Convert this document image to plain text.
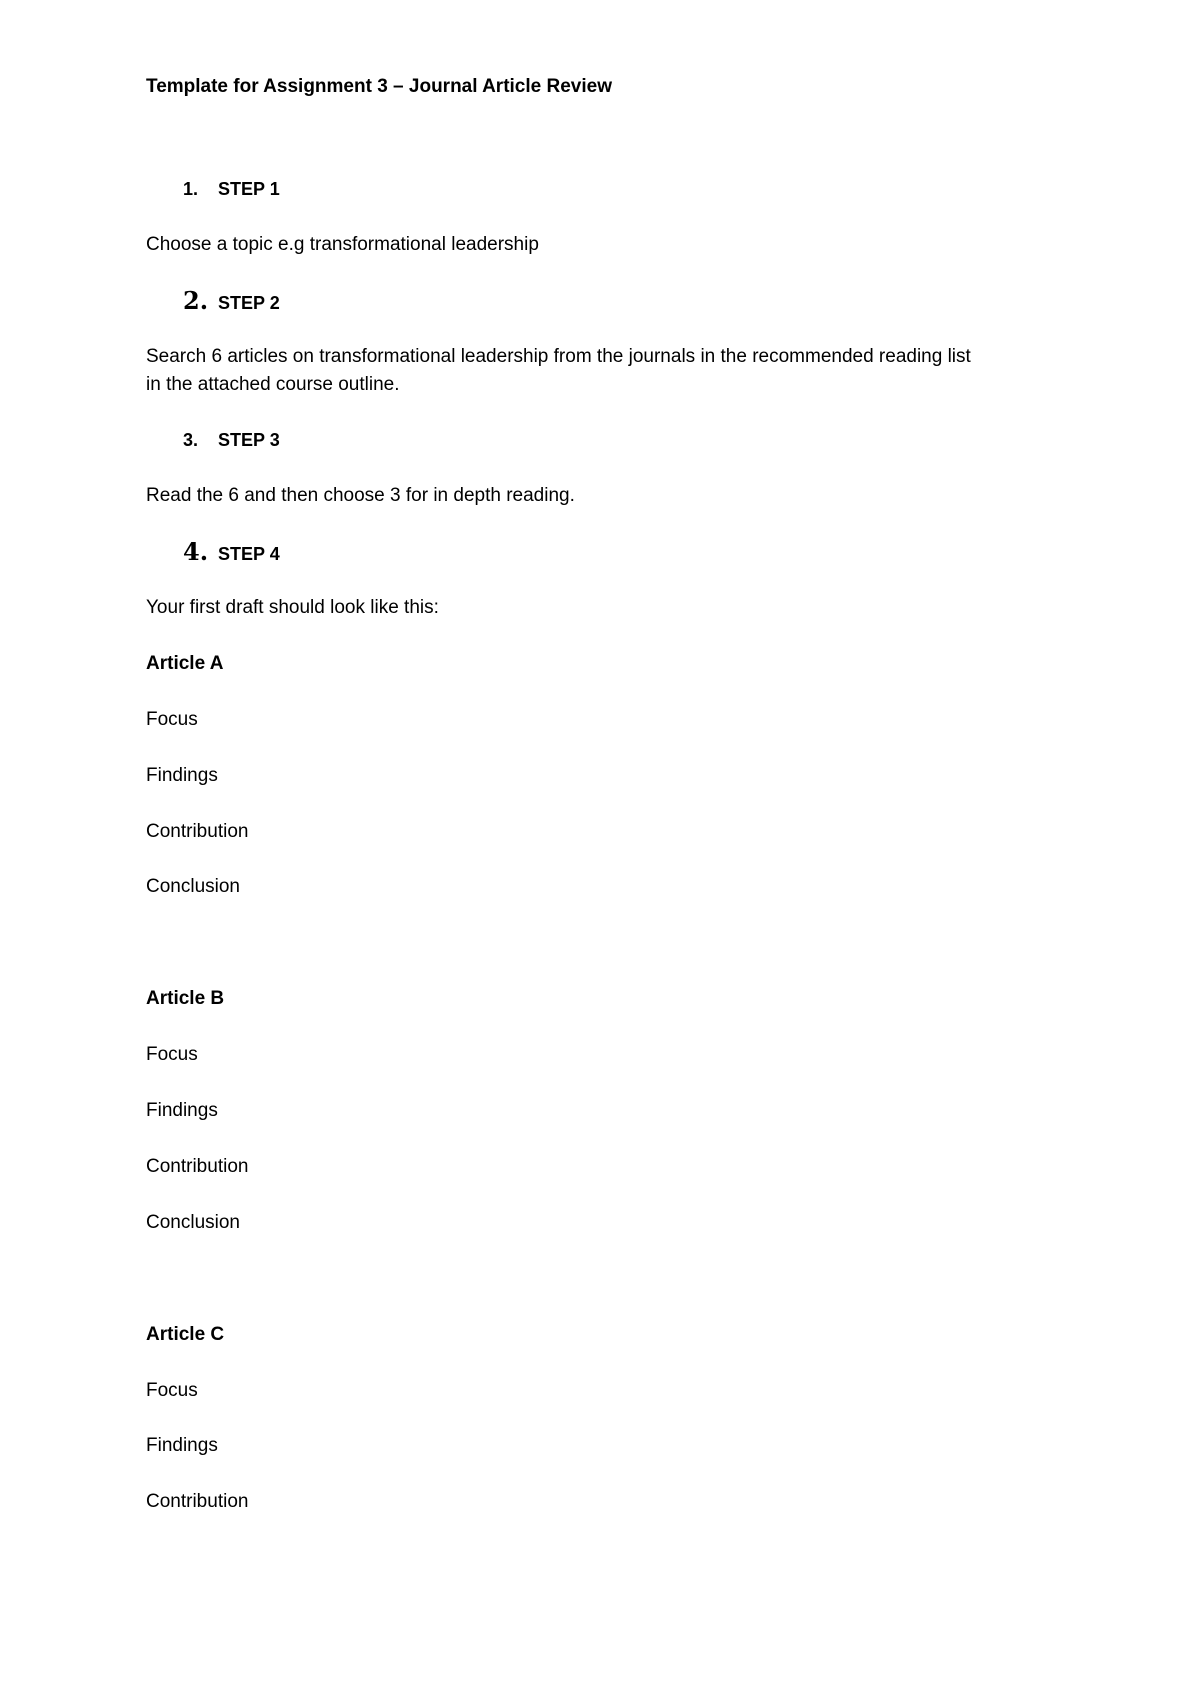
Template for Assignment 3 – Journal Article Review
1. STEP 1
Choose a topic e.g transformational leadership
2. STEP 2
Search 6 articles on transformational leadership from the journals in the recommended reading list
in the attached course outline.
3. STEP 3
Read the 6 and then choose 3 for in depth reading.
4. STEP 4
Your first draft should look like this:
Article A
Focus
Findings
Contribution
Conclusion
Article B
Focus
Findings
Contribution
Conclusion
Article C
Focus
Findings
Contribution
